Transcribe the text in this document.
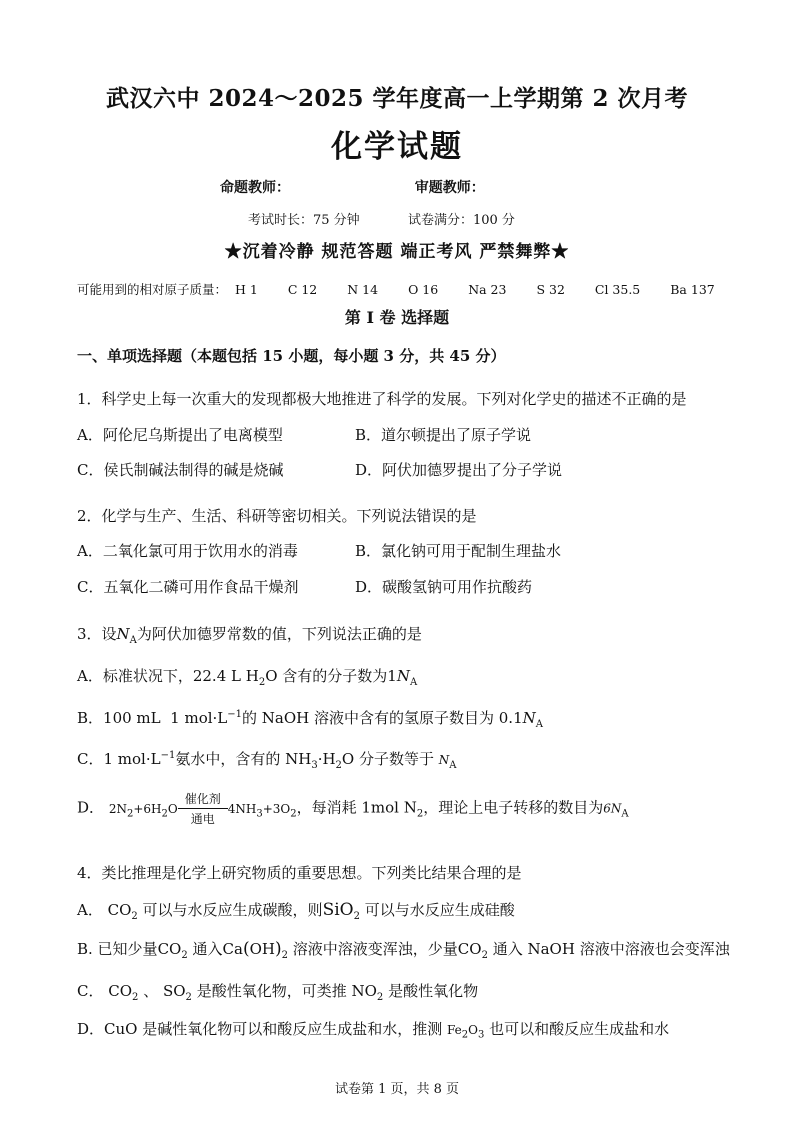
武汉六中 2024～2025 学年度高一上学期第 2 次月考
化学试题
命题教师：	审题教师：
考试时长：75 分钟	试卷满分：100 分
★沉着冷静 规范答题 端正考风 严禁舞弊★
可能用到的相对原子质量： H 1 C 12 N 14 O 16 Na 23 S 32 Cl 35.5 Ba 137
第 I 卷 选择题
一、单项选择题（本题包括 15 小题，每小题 3 分，共 45 分）
1．科学史上每一次重大的发现都极大地推进了科学的发展。下列对化学史的描述不正确的是
A．阿伦尼乌斯提出了电离模型	B．道尔顿提出了原子学说
C．侯氏制碱法制得的碱是烧碱	D．阿伏加德罗提出了分子学说
2．化学与生产、生活、科研等密切相关。下列说法错误的是
A．二氧化氯可用于饮用水的消毒	B．氯化钠可用于配制生理盐水
C．五氧化二磷可用作食品干燥剂	D．碳酸氢钠可用作抗酸药
3．设$N_A$为阿伏加德罗常数的值，下列说法正确的是
A．标准状况下，22.4 L $H_2O$ 含有的分子数为$1N_A$
B．100 mL 1 $mol\cdot L^{-1}$的 NaOH 溶液中含有的氢原子数目为 $0.1N_A$
C．1 $mol\cdot L^{-1}$氨水中，含有的 $NH_3\cdot H_2O$ 分子数等于 $N_A$
D． $2N_2+6H_2O$
催化剂
通电
$4NH_3+3O_2$，每消耗 1mol $N_2$，理论上电子转移的数目为$6N_A$
4．类比推理是化学上研究物质的重要思想。下列类比结果合理的是
A． $CO_2$ 可以与水反应生成碳酸，则SiO$_2$ 可以与水反应生成硅酸
B. 已知少量$CO_2$ 通入$Ca(OH)_2$ 溶液中溶液变浑浊，少量$CO_2$ 通入 NaOH 溶液中溶液也会变浑浊
C． $CO_2$ 、 $SO_2$ 是酸性氧化物，可类推 $NO_2$ 是酸性氧化物
D．CuO 是碱性氧化物可以和酸反应生成盐和水，推测 $Fe_2O_3$ 也可以和酸反应生成盐和水
试卷第 1 页，共 8 页
